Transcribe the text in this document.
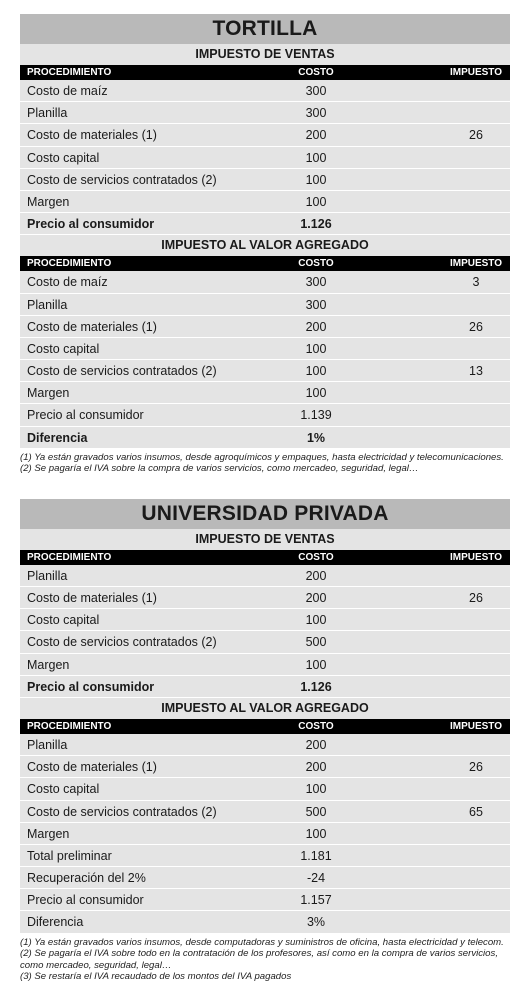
TORTILLA
IMPUESTO DE VENTAS
PROCEDIMIENTO	COSTO	IMPUESTO
Costo de maíz	300
Planilla	300
Costo de materiales (1)	200	26
Costo capital	100
Costo de servicios contratados (2)	100
Margen	100
Precio al consumidor	1.126
IMPUESTO AL VALOR AGREGADO
PROCEDIMIENTO	COSTO	IMPUESTO
Costo de maíz	300	3
Planilla	300
Costo de materiales (1)	200	26
Costo capital	100
Costo de servicios contratados (2)	100	13
Margen	100
Precio al consumidor	1.139
Diferencia	1%
(1) Ya están gravados varios insumos, desde agroquímicos y empaques, hasta electricidad y telecomunicaciones.
(2) Se pagaría el IVA sobre la compra de varios servicios, como mercadeo, seguridad, legal…
UNIVERSIDAD PRIVADA
IMPUESTO DE VENTAS
PROCEDIMIENTO	COSTO	IMPUESTO
Planilla	200
Costo de materiales (1)	200	26
Costo capital	100
Costo de servicios contratados (2)	500
Margen	100
Precio al consumidor	1.126
IMPUESTO AL VALOR AGREGADO
PROCEDIMIENTO	COSTO	IMPUESTO
Planilla	200
Costo de materiales (1)	200	26
Costo capital	100
Costo de servicios contratados (2)	500	65
Margen	100
Total preliminar	1.181
Recuperación del 2%	-24
Precio al consumidor	1.157
Diferencia	3%
(1) Ya están gravados varios insumos, desde computadoras y suministros de oficina, hasta electricidad y telecom.
(2) Se pagaría el IVA sobre todo en la contratación de los profesores, así como en la compra de varios servicios, como mercadeo, seguridad, legal…
(3) Se restaría el IVA recaudado de los montos del IVA pagados
